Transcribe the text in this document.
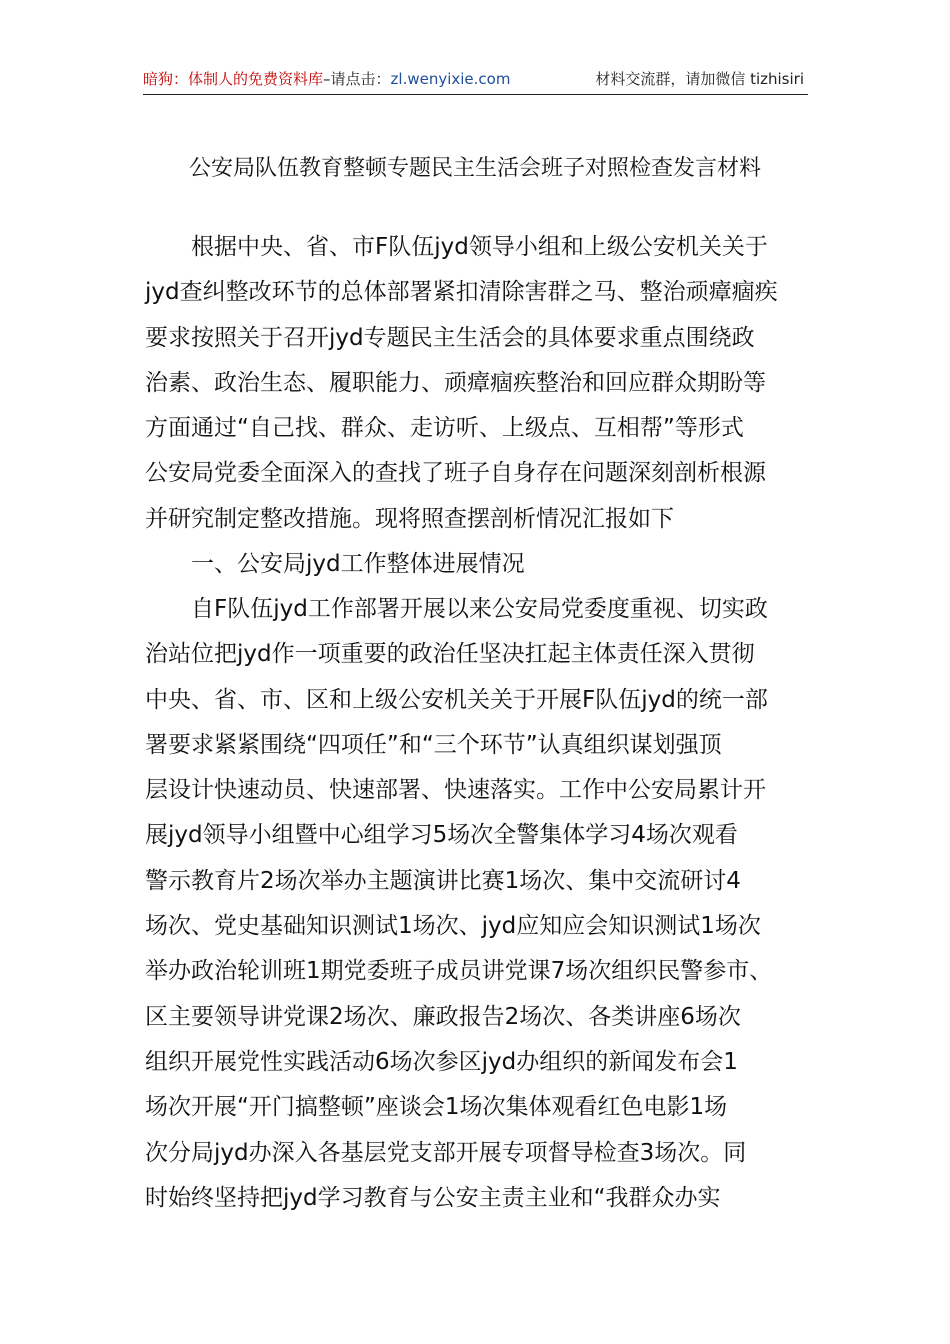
暗狗：体制人的免费资料库–请点击：zl.wenyixie.com	材料交流群，请加微信 tizhisiri
公安局队伍教育整顿专题民主生活会班子对照检查发言材料
　　根据中央、省、市F队伍jyd领导小组和上级公安机关关于
jyd查纠整改环节的总体部署紧扣清除害群之马、整治顽瘴痼疾
要求按照关于召开jyd专题民主生活会的具体要求重点围绕政
治素、政治生态、履职能力、顽瘴痼疾整治和回应群众期盼等
方面通过“自己找、群众、走访听、上级点、互相帮”等形式
公安局党委全面深入的查找了班子自身存在问题深刻剖析根源
并研究制定整改措施。现将照查摆剖析情况汇报如下
　　一、公安局jyd工作整体进展情况
　　自F队伍jyd工作部署开展以来公安局党委度重视、切实政
治站位把jyd作一项重要的政治任坚决扛起主体责任深入贯彻
中央、省、市、区和上级公安机关关于开展F队伍jyd的统一部
署要求紧紧围绕“四项任”和“三个环节”认真组织谋划强顶
层设计快速动员、快速部署、快速落实。工作中公安局累计开
展jyd领导小组暨中心组学习5场次全警集体学习4场次观看
警示教育片2场次举办主题演讲比赛1场次、集中交流研讨4
场次、党史基础知识测试1场次、jyd应知应会知识测试1场次
举办政治轮训班1期党委班子成员讲党课7场次组织民警参市、
区主要领导讲党课2场次、廉政报告2场次、各类讲座6场次
组织开展党性实践活动6场次参区jyd办组织的新闻发布会1
场次开展“开门搞整顿”座谈会1场次集体观看红色电影1场
次分局jyd办深入各基层党支部开展专项督导检查3场次。同
时始终坚持把jyd学习教育与公安主责主业和“我群众办实
